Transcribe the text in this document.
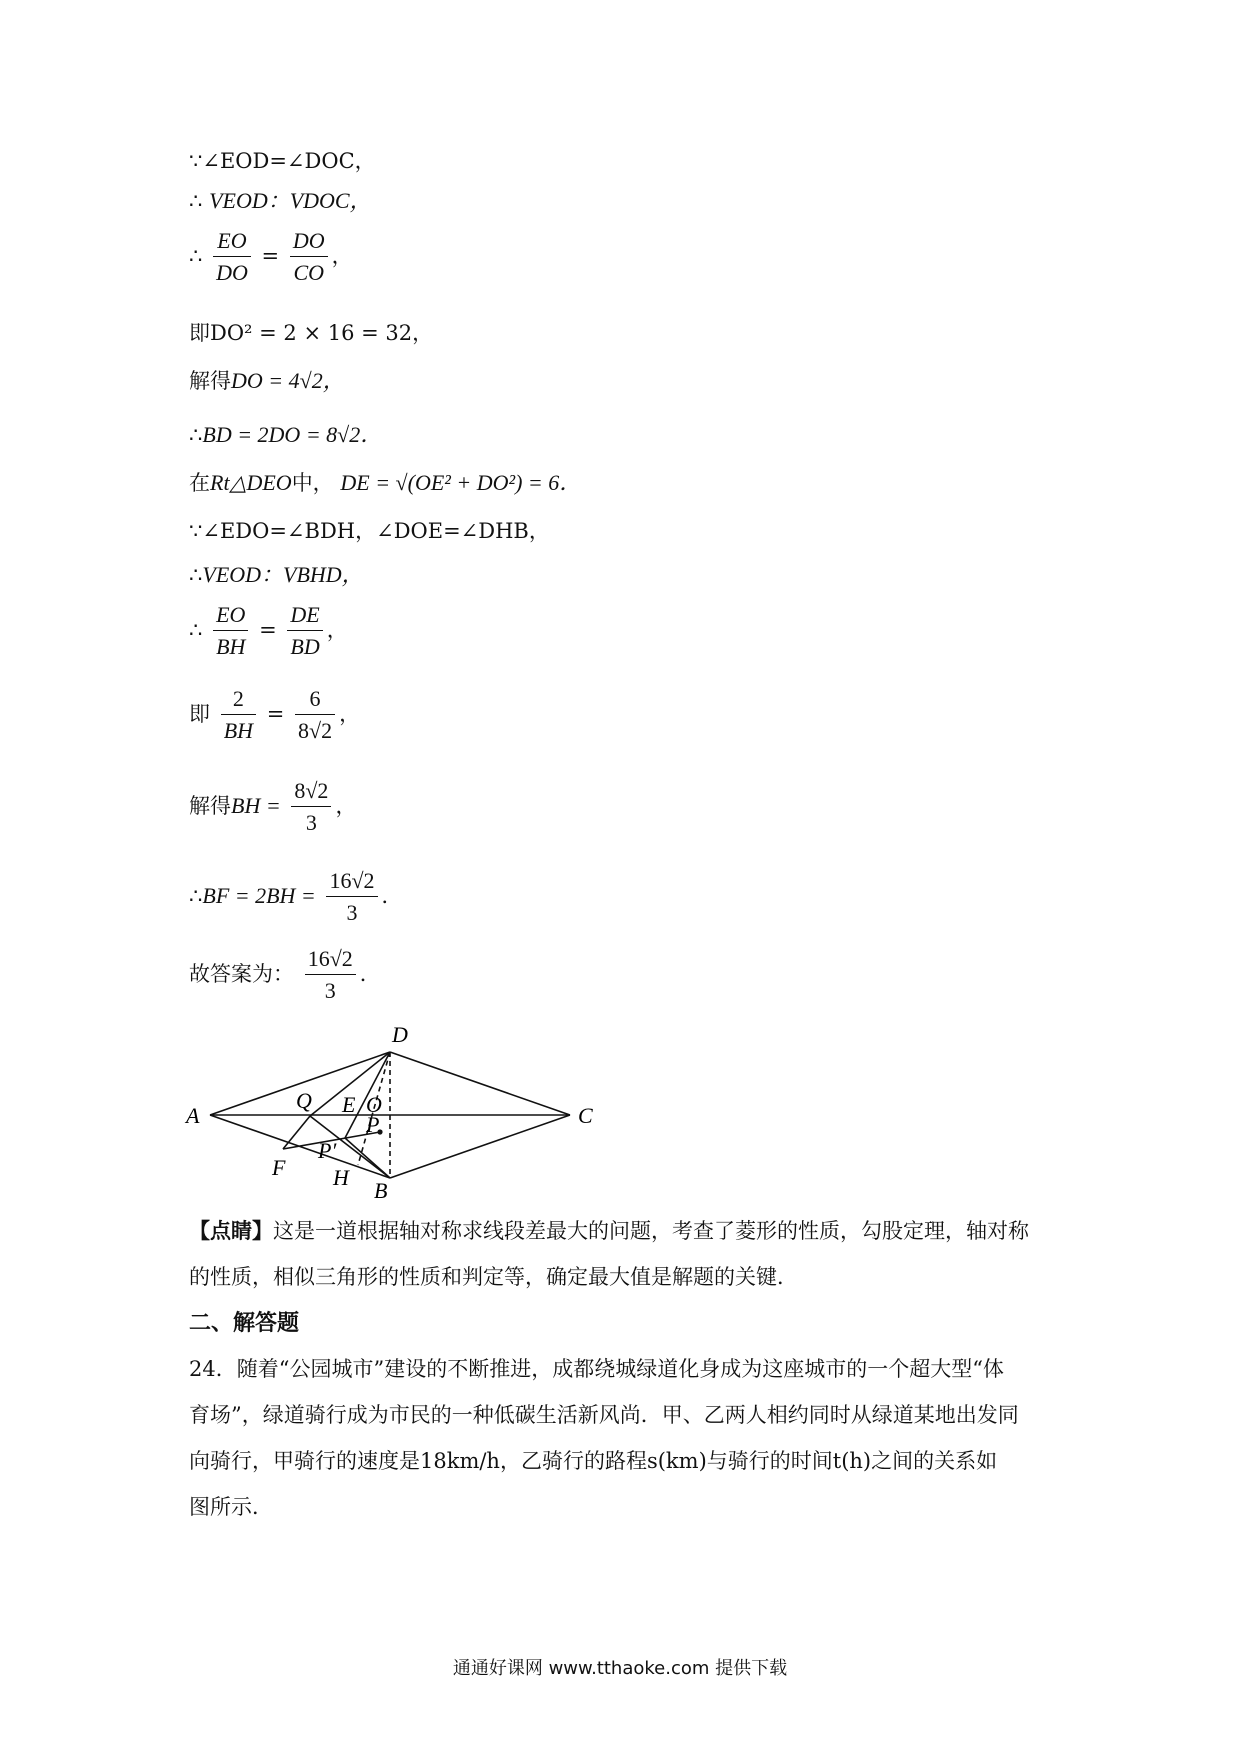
∵∠EOD=∠DOC，
∴ VEOD：VDOC，
∴ $\frac{EO}{DO} = \frac{DO}{CO}$ ，
即DO² = 2 × 16 = 32，
解得DO = 4√2，
∴BD = 2DO = 8√2．
在Rt△DEO中， DE = √(OE² + DO²) = 6．
∵∠EDO=∠BDH，∠DOE=∠DHB，
∴VEOD：VBHD，
∴ $\frac{EO}{BH} = \frac{DE}{BD}$ ，
即 $\frac{2}{BH} = \frac{6}{8√2}$ ，
解得BH = $\frac{8√2}{3}$ ，
∴BF = $2BH = \frac{16√2}{3}$ ．
故答案为： $\frac{16√2}{3}$ ．
A
D
C
B
E O
Q
P
P′
F H
【点睛】这是一道根据轴对称求线段差最大的问题，考查了菱形的性质，勾股定理，轴对称
的性质，相似三角形的性质和判定等，确定最大值是解题的关键．
二、解答题
24．随着“公园城市”建设的不断推进，成都绕城绿道化身成为这座城市的一个超大型“体
育场”，绿道骑行成为市民的一种低碳生活新风尚．甲、乙两人相约同时从绿道某地出发同
向骑行，甲骑行的速度是18km/h，乙骑行的路程s(km)与骑行的时间t(h)之间的关系如
图所示．
通通好课网 www.tthaoke.com 提供下载
